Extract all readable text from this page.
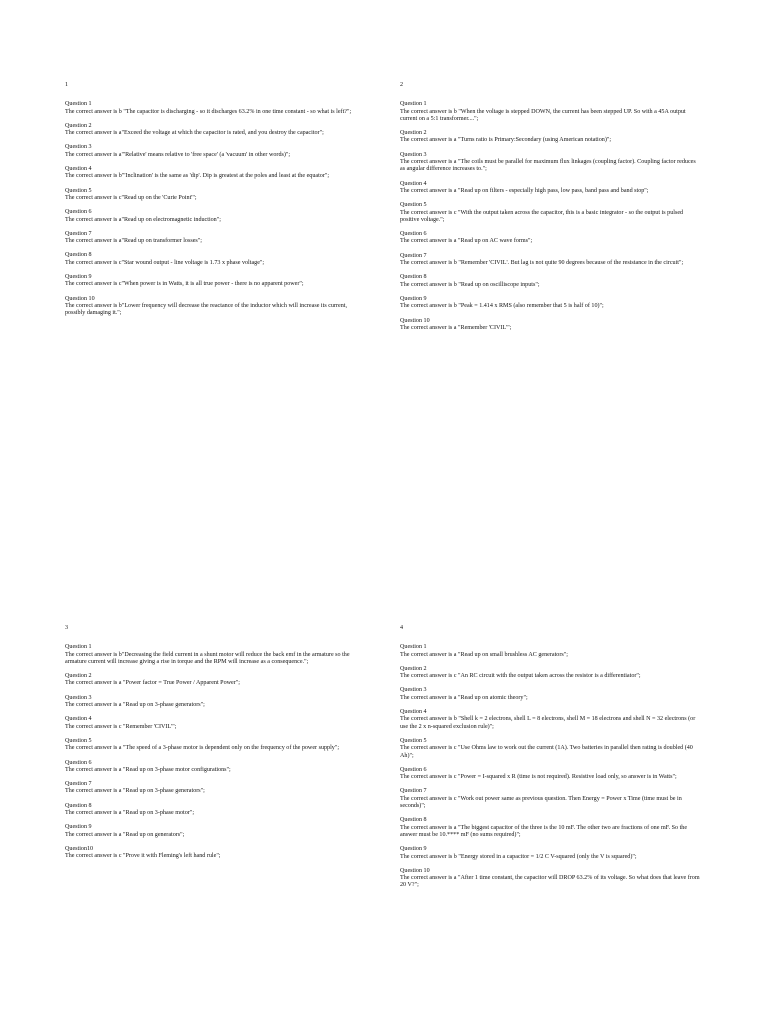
1
Question 1
The correct answer is b "The capacitor is discharging - so it discharges 63.2% in one time constant - so what is left?";
Question 2
The correct answer is a"Exceed the voltage at which the capacitor is rated, and you destroy the capacitor";
Question 3
The correct answer is a"'Relative' means relative to 'free space' (a 'vacuum' in other words)";
Question 4
The correct answer is b"'Inclination' is the same as 'dip'. Dip is greatest at the poles and least at the equator";
Question 5
The correct answer is c"Read up on the 'Curie Point'";
Question 6
The correct answer is a"Read up on electromagnetic induction";
Question 7
The correct answer is a"Read up on transformer losses";
Question 8
The correct answer is c"Star wound output - line voltage is 1.73 x phase voltage";
Question 9
The correct answer is c"When power is in Watts, it is all true power - there is no apparent power";
Question 10
The correct answer is b"Lower frequency will decrease the reactance of the inductor which will increase its current, possibly damaging it.";
2
Question 1
The correct answer is b "When the voltage is stepped DOWN, the current has been stepped UP. So with a 45A output current on a 5:1 transformer....";
Question 2
The correct answer is a "Turns ratio is Primary:Secondary (using American notation)";
Question 3
The correct answer is a "The coils must be parallel for maximum flux linkages (coupling factor). Coupling factor reduces as angular difference increases to.";
Question 4
The correct answer is a "Read up on filters - especially high pass, low pass, band pass and band stop";
Question 5
The correct answer is c "With the output taken across the capacitor, this is a basic integrator - so the output is pulsed positive voltage.";
Question 6
The correct answer is a "Read up on AC wave forms";
Question 7
The correct answer is b "Remember 'CIVIL'. But lag is not quite 90 degrees because of the resistance in the circuit";
Question 8
The correct answer is b "Read up on oscilliscope inputs";
Question 9
The correct answer is b "Peak = 1.414 x RMS (also remember that 5 is half of 10)";
Question 10
The correct answer is a "Remember 'CIVIL'";
3
Question 1
The correct answer is b"Decreasing the field current in a shunt motor will reduce the back emf in the armature so the armature current will increase giving a rise in torque and the RPM will increase as a consequence.";
Question 2
The correct answer is a "Power factor = True Power / Apparent Power";
Question 3
The correct answer is a "Read up on 3-phase generators";
Question 4
The correct answer is c "Remember 'CIVIL'";
Question 5
The correct answer is a "The speed of a 3-phase motor is dependent only on the frequency of the power supply";
Question 6
The correct answer is a "Read up on 3-phase motor configurations";
Question 7
The correct answer is a "Read up on 3-phase generators";
Question 8
The correct answer is a "Read up on 3-phase motor";
Question 9
The correct answer is a "Read up on generators";
Question10
The correct answer is c "Prove it with Fleming's left hand rule";
4
Question 1
The correct answer is a "Read up on small brushless AC generators";
Question 2
The correct answer is c "An RC circuit with the output taken across the resistor is a differentiator";
Question 3
The correct answer is a "Read up on atomic theory";
Question 4
The correct answer is b "Shell k = 2 electrons, shell L = 8 electrons, shell M = 18 electrons and shell N = 32 electrons (or use the 2 x n-squared exclusion rule)";
Question 5
The correct answer is c "Use Ohms law to work out the current (1A). Two batteries in parallel then rating is doubled (40 Ah)";
Question 6
The correct answer is c "Power = I-squared x R (time is not required). Resistive load only, so answer is in Watts";
Question 7
The correct answer is c "Work out power same as previous question. Then Energy = Power x Time (time must be in seconds)";
Question 8
The correct answer is a "The biggest capacitor of the three is the 10 mF. The other two are fractions of one mF. So the answer must be 10.**** mF (no sums required)";
Question 9
The correct answer is b "Energy stored in a capacitor = 1/2 C V-squared (only the V is squared)";
Question 10
The correct answer is a "After 1 time constant, the capacitor will DROP 63.2% of its voltage. So what does that leave from 20 V?";
